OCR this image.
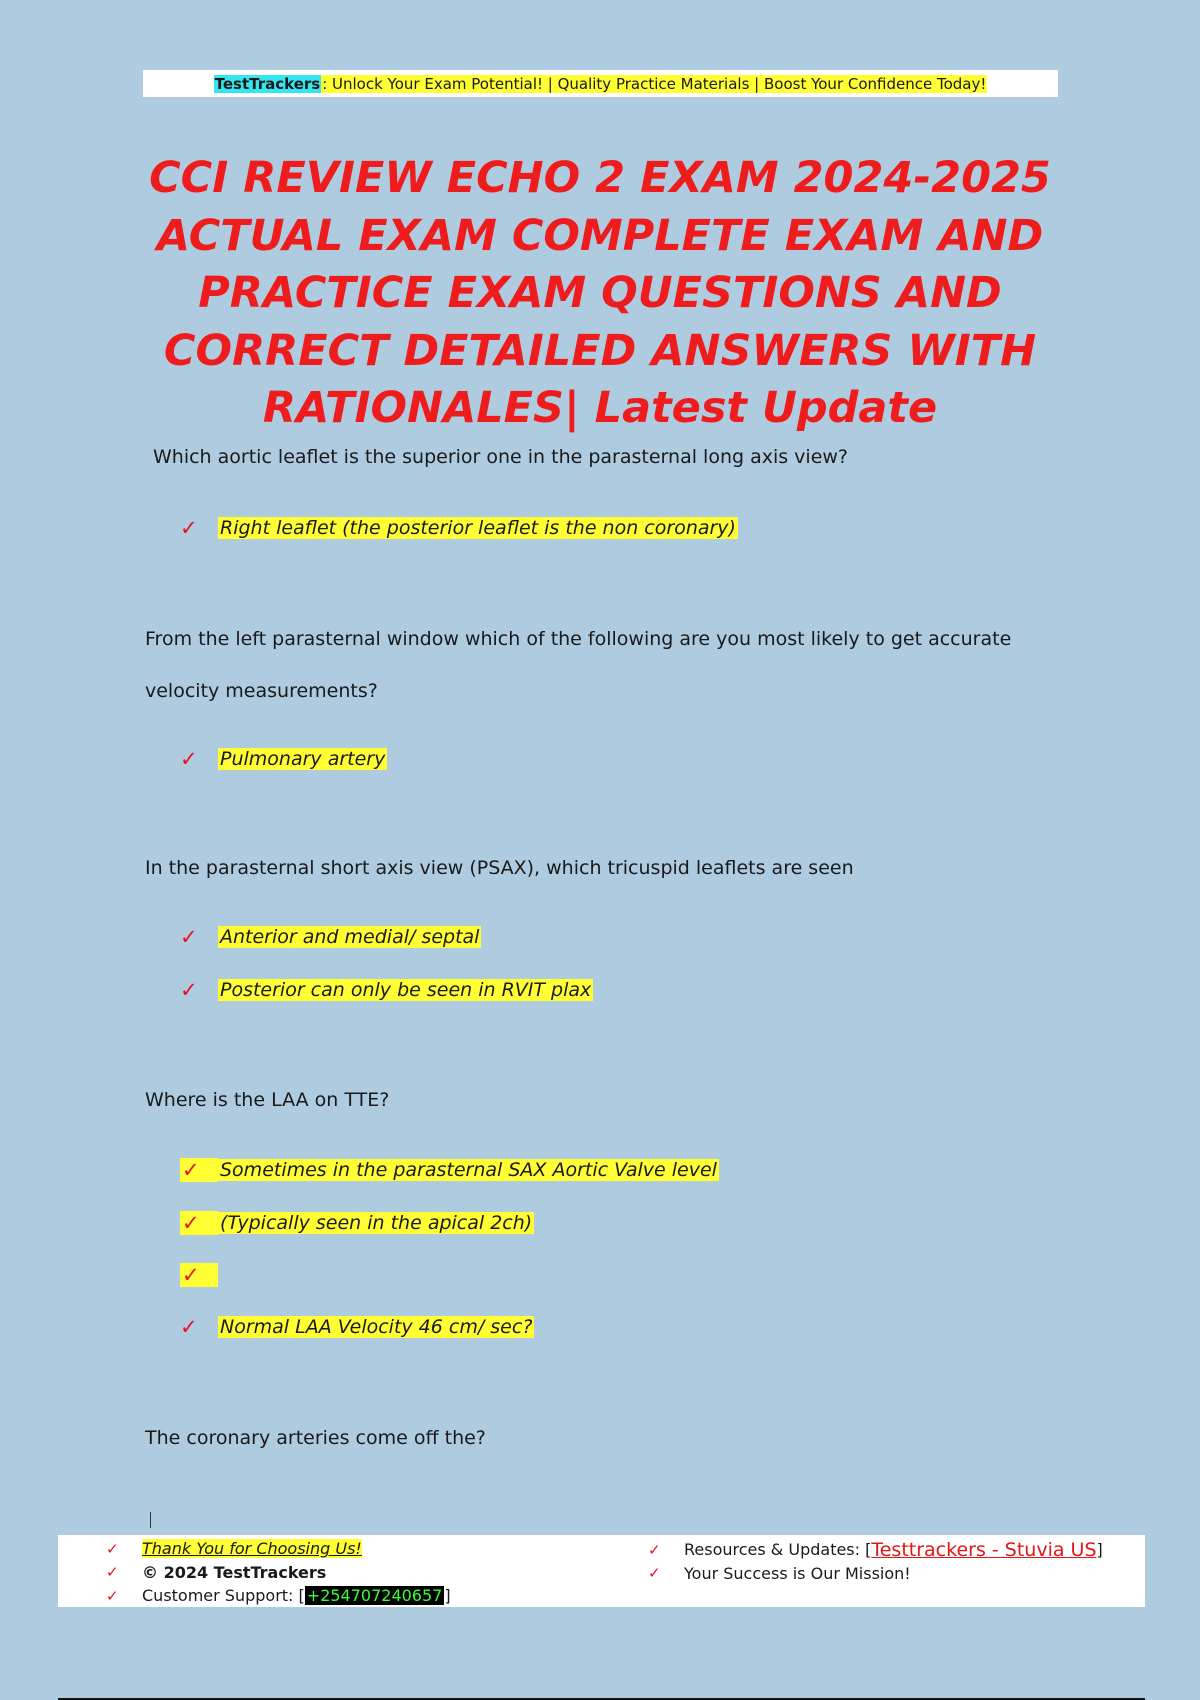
TestTrackers : Unlock Your Exam Potential! | Quality Practice Materials | Boost Your Confidence Today!
CCI REVIEW ECHO 2 EXAM 2024-2025 ACTUAL EXAM COMPLETE EXAM AND PRACTICE EXAM QUESTIONS AND CORRECT DETAILED ANSWERS WITH RATIONALES| Latest Update

Which aortic leaflet is the superior one in the parasternal long axis view?

✓	Right leaflet (the posterior leaflet is the non coronary)

From the left parasternal window which of the following are you most likely to get accurate velocity measurements?

✓	Pulmonary artery

In the parasternal short axis view (PSAX), which tricuspid leaflets are seen

✓	Anterior and medial/ septal
✓	Posterior can only be seen in RVIT plax

Where is the LAA on TTE?

✓	Sometimes in the parasternal SAX Aortic Valve level
✓	(Typically seen in the apical 2ch)
✓
✓	Normal LAA Velocity 46 cm/ sec?

The coronary arteries come off the?

✓	Thank You for Choosing Us!
✓	© 2024 TestTrackers
✓	Customer Support: [ +254707240657 ]
✓	Resources & Updates: [ Testtrackers - Stuvia US ]
✓	Your Success is Our Mission!
